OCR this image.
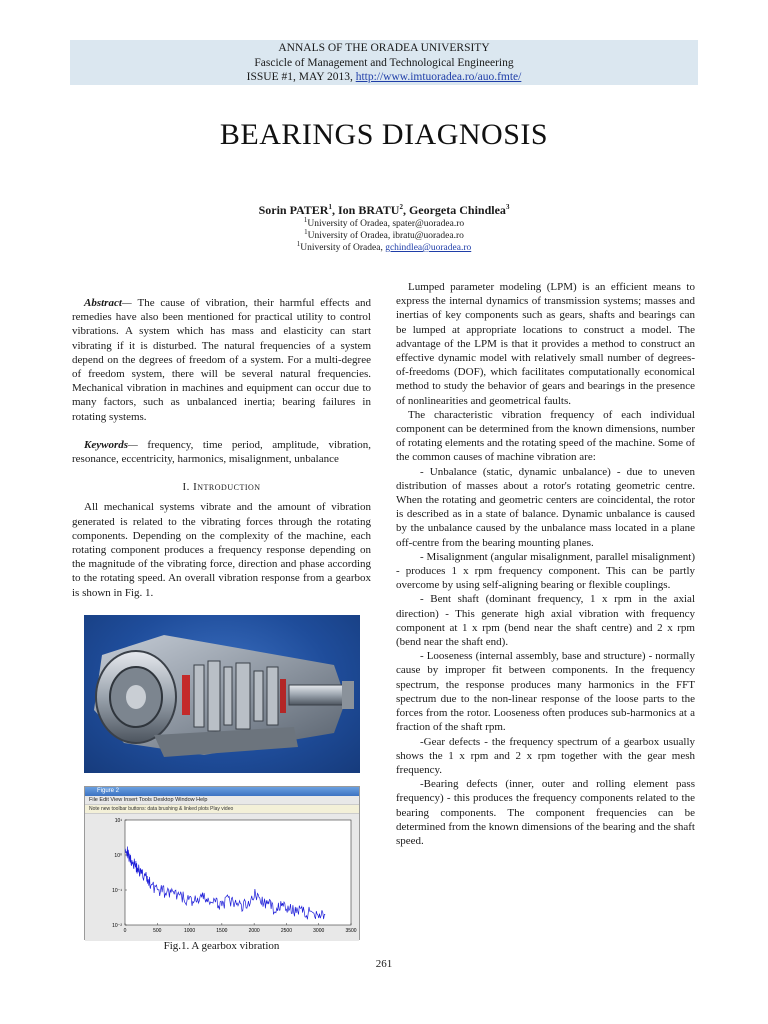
ANNALS OF THE ORADEA UNIVERSITY
Fascicle of Management and Technological Engineering
ISSUE #1, MAY 2013, http://www.imtuoradea.ro/auo.fmte/
BEARINGS DIAGNOSIS
Sorin PATER$^1$, Ion BRATU$^2$, Georgeta Chindlea$^3$
$^1$University of Oradea, spater@uoradea.ro
$^1$University of Oradea, ibratu@uoradea.ro
$^1$University of Oradea, gchindlea@uoradea.ro

Abstract— The cause of vibration, their harmful effects and remedies have also been mentioned for practical utility to control vibrations. A system which has mass and elasticity can start vibrating if it is disturbed. The natural frequencies of a system depend on the degrees of freedom of a system. For a multi-degree of freedom system, there will be several natural frequencies. Mechanical vibration in machines and equipment can occur due to many factors, such as unbalanced inertia; bearing failures in rotating systems.

Keywords— frequency, time period, amplitude, vibration, resonance, eccentricity, harmonics, misalignment, unbalance

I. Introduction

All mechanical systems vibrate and the amount of vibration generated is related to the vibrating forces through the rotating components. Depending on the complexity of the machine, each rotating component produces a frequency response depending on the magnitude of the vibrating force, direction and phase according to the rotating speed. An overall vibration response from a gearbox is shown in Fig. 1.

Figure 2
File Edit View Insert Tools Desktop Window Help
Note new toolbar buttons: data brushing & linked plots Play video
0	500	1000	1500	2000	2500	3000	3500
10⁻²
10⁻¹
10⁰
10¹
Fig.1. A gearbox vibration

Lumped parameter modeling (LPM) is an efficient means to express the internal dynamics of transmission systems; masses and inertias of key components such as gears, shafts and bearings can be lumped at appropriate locations to construct a model. The advantage of the LPM is that it provides a method to construct an effective dynamic model with relatively small number of degrees-of-freedoms (DOF), which facilitates computationally economical method to study the behavior of gears and bearings in the presence of nonlinearities and geometrical faults.

The characteristic vibration frequency of each individual component can be determined from the known dimensions, number of rotating elements and the rotating speed of the machine. Some of the common causes of machine vibration are:

- Unbalance (static, dynamic unbalance) - due to uneven distribution of masses about a rotor's rotating geometric centre. When the rotating and geometric centers are coincidental, the rotor is described as in a state of balance. Dynamic unbalance is caused by the unbalance caused by the unbalance mass located in a plane off-centre from the bearing mounting planes.

- Misalignment (angular misalignment, parallel misalignment) - produces 1 x rpm frequency component. This can be partly overcome by using self-aligning bearing or flexible couplings.

- Bent shaft (dominant frequency, 1 x rpm in the axial direction) - This generate high axial vibration with frequency component at 1 x rpm (bend near the shaft centre) and 2 x rpm (bend near the shaft end).

- Looseness (internal assembly, base and structure) - normally cause by improper fit between components. In the frequency spectrum, the response produces many harmonics in the FFT spectrum due to the non-linear response of the loose parts to the forces from the rotor. Looseness often produces sub-harmonics at a fraction of the shaft rpm.

-Gear defects - the frequency spectrum of a gearbox usually shows the 1 x rpm and 2 x rpm together with the gear mesh frequency.

-Bearing defects (inner, outer and rolling element pass frequency) - this produces the frequency components related to the bearing components. The component frequencies can be determined from the known dimensions of the bearing and the shaft speed.

261
